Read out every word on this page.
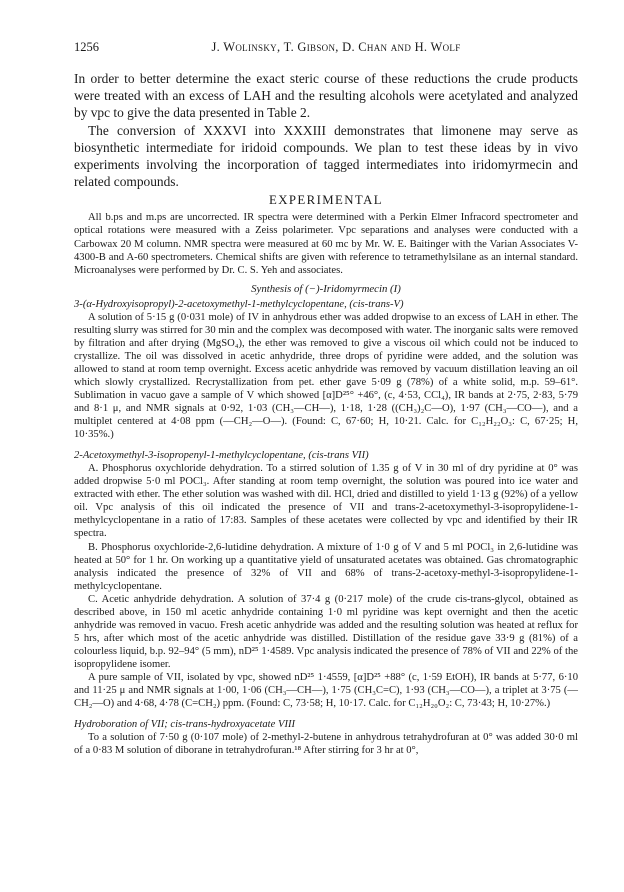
1256	J. Wolinsky, T. Gibson, D. Chan and H. Wolf

In order to better determine the exact steric course of these reductions the crude products were treated with an excess of LAH and the resulting alcohols were acetylated and analyzed by vpc to give the data presented in Table 2.

The conversion of XXXVI into XXXIII demonstrates that limonene may serve as biosynthetic intermediate for iridoid compounds. We plan to test these ideas by in vivo experiments involving the incorporation of tagged intermediates into iridomyrmecin and related compounds.

EXPERIMENTAL

All b.ps and m.ps are uncorrected. IR spectra were determined with a Perkin Elmer Infracord spectrometer and optical rotations were measured with a Zeiss polarimeter. Vpc separations and analyses were conducted with a Carbowax 20 M column. NMR spectra were measured at 60 mc by Mr. W. E. Baitinger with the Varian Associates V-4300-B and A-60 spectrometers. Chemical shifts are given with reference to tetramethylsilane as an internal standard. Microanalyses were performed by Dr. C. S. Yeh and associates.

Synthesis of (−)-Iridomyrmecin (I)

3-(α-Hydroxyisopropyl)-2-acetoxymethyl-1-methylcyclopentane, (cis-trans-V)

A solution of 5·15 g (0·031 mole) of IV in anhydrous ether was added dropwise to an excess of LAH in ether. The resulting slurry was stirred for 30 min and the complex was decomposed with water. The inorganic salts were removed by filtration and after drying (MgSO₄), the ether was removed to give a viscous oil which could not be induced to crystallize. The oil was dissolved in acetic anhydride, three drops of pyridine were added, and the solution was allowed to stand at room temp overnight. Excess acetic anhydride was removed by vacuum distillation leaving an oil which slowly crystallized. Recrystallization from pet. ether gave 5·09 g (78%) of a white solid, m.p. 59–61°. Sublimation in vacuo gave a sample of V which showed [α]D²⁵° +46°, (c, 4·53, CCl₄), IR bands at 2·75, 2·83, 5·79 and 8·1 μ, and NMR signals at 0·92, 1·03 (CH₃—CH—), 1·18, 1·28 ((CH₃)₂C—O), 1·97 (CH₃—CO—), and a multiplet centered at 4·08 ppm (—CH₂—O—). (Found: C, 67·60; H, 10·21. Calc. for C₁₂H₂₂O₃: C, 67·25; H, 10·35%.)

2-Acetoxymethyl-3-isopropenyl-1-methylcyclopentane, (cis-trans VII)

A. Phosphorus oxychloride dehydration. To a stirred solution of 1.35 g of V in 30 ml of dry pyridine at 0° was added dropwise 5·0 ml POCl₃. After standing at room temp overnight, the solution was poured into ice water and extracted with ether. The ether solution was washed with dil. HCl, dried and distilled to yield 1·13 g (92%) of a yellow oil. Vpc analysis of this oil indicated the presence of VII and trans-2-acetoxymethyl-3-isopropylidene-1-methylcyclopentane in a ratio of 17:83. Samples of these acetates were collected by vpc and identified by their IR spectra.

B. Phosphorus oxychloride-2,6-lutidine dehydration. A mixture of 1·0 g of V and 5 ml POCl₃ in 2,6-lutidine was heated at 50° for 1 hr. On working up a quantitative yield of unsaturated acetates was obtained. Gas chromatographic analysis indicated the presence of 32% of VII and 68% of trans-2-acetoxy-methyl-3-isopropylidene-1-methylcyclopentane.

C. Acetic anhydride dehydration. A solution of 37·4 g (0·217 mole) of the crude cis-trans-glycol, obtained as described above, in 150 ml acetic anhydride containing 1·0 ml pyridine was kept overnight and then the acetic anhydride was removed in vacuo. Fresh acetic anhydride was added and the resulting solution was heated at reflux for 5 hrs, after which most of the acetic anhydride was distilled. Distillation of the residue gave 33·9 g (81%) of a colourless liquid, b.p. 92–94° (5 mm), nD²⁵ 1·4589. Vpc analysis indicated the presence of 78% of VII and 22% of the isopropylidene isomer.

A pure sample of VII, isolated by vpc, showed nD²⁵ 1·4559, [α]D²⁵ +88° (c, 1·59 EtOH), IR bands at 5·77, 6·10 and 11·25 μ and NMR signals at 1·00, 1·06 (CH₃—CH—), 1·75 (CH₃C=C), 1·93 (CH₃—CO—), a triplet at 3·75 (—CH₂—O) and 4·68, 4·78 (C=CH₂) ppm. (Found: C, 73·58; H, 10·17. Calc. for C₁₂H₂₀O₂: C, 73·43; H, 10·27%.)

Hydroboration of VII; cis-trans-hydroxyacetate VIII

To a solution of 7·50 g (0·107 mole) of 2-methyl-2-butene in anhydrous tetrahydrofuran at 0° was added 30·0 ml of a 0·83 M solution of diborane in tetrahydrofuran.¹⁸ After stirring for 3 hr at 0°,
